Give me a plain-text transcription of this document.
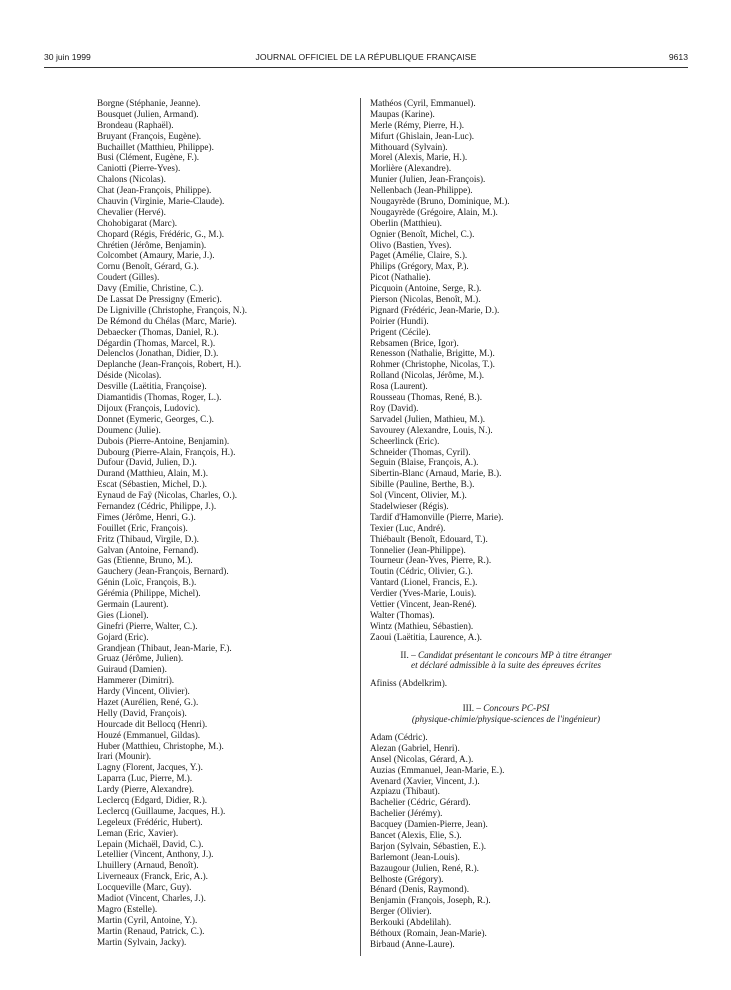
30 juin 1999	JOURNAL OFFICIEL DE LA RÉPUBLIQUE FRANÇAISE	9613
Borgne (Stéphanie, Jeanne).
Bousquet (Julien, Armand).
Brondeau (Raphaël).
Bruyant (François, Eugène).
Buchaillet (Matthieu, Philippe).
Busi (Clément, Eugène, F.).
Caniotti (Pierre-Yves).
Chalons (Nicolas).
Chat (Jean-François, Philippe).
Chauvin (Virginie, Marie-Claude).
Chevalier (Hervé).
Chohobigarat (Marc).
Chopard (Régis, Frédéric, G., M.).
Chrétien (Jérôme, Benjamin).
Colcombet (Amaury, Marie, J.).
Cornu (Benoît, Gérard, G.).
Coudert (Gilles).
Davy (Emilie, Christine, C.).
De Lassat De Pressigny (Emeric).
De Ligniville (Christophe, François, N.).
De Rémond du Chélas (Marc, Marie).
Debaecker (Thomas, Daniel, R.).
Dégardin (Thomas, Marcel, R.).
Delenclos (Jonathan, Didier, D.).
Deplanche (Jean-François, Robert, H.).
Déside (Nicolas).
Desville (Laëtitia, Françoise).
Diamantidis (Thomas, Roger, L.).
Dijoux (François, Ludovic).
Donnet (Eymeric, Georges, C.).
Doumenc (Julie).
Dubois (Pierre-Antoine, Benjamin).
Dubourg (Pierre-Alain, François, H.).
Dufour (David, Julien, D.).
Durand (Matthieu, Alain, M.).
Escat (Sébastien, Michel, D.).
Eynaud de Faÿ (Nicolas, Charles, O.).
Fernandez (Cédric, Philippe, J.).
Fimes (Jérôme, Henri, G.).
Fouillet (Eric, François).
Fritz (Thibaud, Virgile, D.).
Galvan (Antoine, Fernand).
Gas (Etienne, Bruno, M.).
Gauchery (Jean-François, Bernard).
Génin (Loïc, François, B.).
Gérémia (Philippe, Michel).
Germain (Laurent).
Gies (Lionel).
Ginefri (Pierre, Walter, C.).
Gojard (Eric).
Grandjean (Thibaut, Jean-Marie, F.).
Gruaz (Jérôme, Julien).
Guiraud (Damien).
Hammerer (Dimitri).
Hardy (Vincent, Olivier).
Hazet (Aurélien, René, G.).
Helly (David, François).
Hourcade dit Bellocq (Henri).
Houzé (Emmanuel, Gildas).
Huber (Matthieu, Christophe, M.).
Irari (Mounir).
Lagny (Florent, Jacques, Y.).
Laparra (Luc, Pierre, M.).
Lardy (Pierre, Alexandre).
Leclercq (Edgard, Didier, R.).
Leclercq (Guillaume, Jacques, H.).
Legeleux (Frédéric, Hubert).
Leman (Eric, Xavier).
Lepain (Michaël, David, C.).
Letellier (Vincent, Anthony, J.).
Lhuillery (Arnaud, Benoît).
Liverneaux (Franck, Eric, A.).
Locqueville (Marc, Guy).
Madiot (Vincent, Charles, J.).
Magro (Estelle).
Martin (Cyril, Antoine, Y.).
Martin (Renaud, Patrick, C.).
Martin (Sylvain, Jacky).
Mathéos (Cyril, Emmanuel).
Maupas (Karine).
Merle (Rémy, Pierre, H.).
Mifurt (Ghislain, Jean-Luc).
Mithouard (Sylvain).
Morel (Alexis, Marie, H.).
Morlière (Alexandre).
Munier (Julien, Jean-François).
Nellenbach (Jean-Philippe).
Nougayrède (Bruno, Dominique, M.).
Nougayrède (Grégoire, Alain, M.).
Oberlin (Matthieu).
Ognier (Benoît, Michel, C.).
Olivo (Bastien, Yves).
Paget (Amélie, Claire, S.).
Philips (Grégory, Max, P.).
Picot (Nathalie).
Picquoin (Antoine, Serge, R.).
Pierson (Nicolas, Benoît, M.).
Pignard (Frédéric, Jean-Marie, D.).
Poirier (Hundi).
Prigent (Cécile).
Rebsamen (Brice, Igor).
Renesson (Nathalie, Brigitte, M.).
Rohmer (Christophe, Nicolas, T.).
Rolland (Nicolas, Jérôme, M.).
Rosa (Laurent).
Rousseau (Thomas, René, B.).
Roy (David).
Sarvadel (Julien, Mathieu, M.).
Savourey (Alexandre, Louis, N.).
Scheerlinck (Eric).
Schneider (Thomas, Cyril).
Seguin (Blaise, François, A.).
Sibertin-Blanc (Arnaud, Marie, B.).
Sibille (Pauline, Berthe, B.).
Sol (Vincent, Olivier, M.).
Stadelwieser (Régis).
Tardif d'Hamonville (Pierre, Marie).
Texier (Luc, André).
Thiébault (Benoît, Edouard, T.).
Tonnelier (Jean-Philippe).
Tourneur (Jean-Yves, Pierre, R.).
Toutin (Cédric, Olivier, G.).
Vantard (Lionel, Francis, E.).
Verdier (Yves-Marie, Louis).
Vettier (Vincent, Jean-René).
Walter (Thomas).
Wintz (Mathieu, Sébastien).
Zaoui (Laëtitia, Laurence, A.).
II. – Candidat présentant le concours MP à titre étranger
et déclaré admissible à la suite des épreuves écrites
Afiniss (Abdelkrim).
III. – Concours PC-PSI
(physique-chimie/physique-sciences de l'ingénieur)
Adam (Cédric).
Alezan (Gabriel, Henri).
Ansel (Nicolas, Gérard, A.).
Auzias (Emmanuel, Jean-Marie, E.).
Avenard (Xavier, Vincent, J.).
Azpiazu (Thibaut).
Bachelier (Cédric, Gérard).
Bachelier (Jérémy).
Bacquey (Damien-Pierre, Jean).
Bancet (Alexis, Elie, S.).
Barjon (Sylvain, Sébastien, E.).
Barlemont (Jean-Louis).
Bazaugour (Julien, René, R.).
Belhoste (Grégory).
Bénard (Denis, Raymond).
Benjamin (François, Joseph, R.).
Berger (Olivier).
Berkouki (Abdelilah).
Béthoux (Romain, Jean-Marie).
Birbaud (Anne-Laure).
